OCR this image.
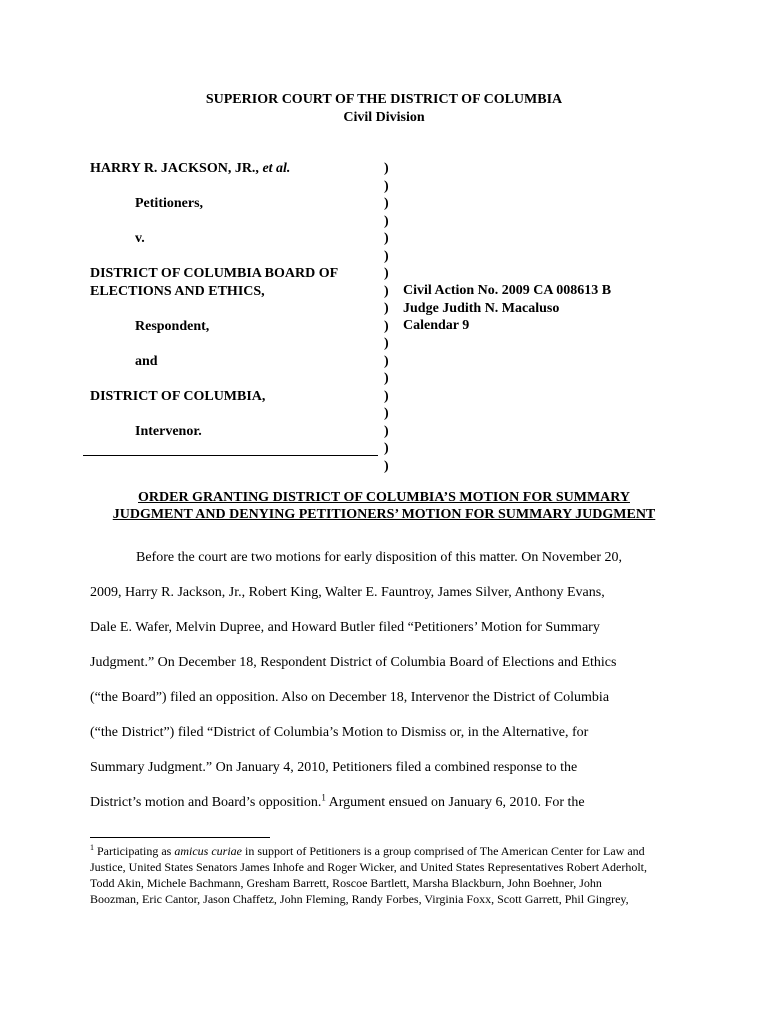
SUPERIOR COURT OF THE DISTRICT OF COLUMBIA
Civil Division
HARRY R. JACKSON, JR., et al.
Petitioners,
v.
DISTRICT OF COLUMBIA BOARD OF
ELECTIONS AND ETHICS,
Respondent,
and
DISTRICT OF COLUMBIA,
Intervenor.
)
)
)
)
)
)
)
)
)
)
)
)
)
)
)
)
)
)
Civil Action No. 2009 CA 008613 B
Judge Judith N. Macaluso
Calendar 9
ORDER GRANTING DISTRICT OF COLUMBIA’S MOTION FOR SUMMARY
JUDGMENT AND DENYING PETITIONERS’ MOTION FOR SUMMARY JUDGMENT
Before the court are two motions for early disposition of this matter. On November 20,
2009, Harry R. Jackson, Jr., Robert King, Walter E. Fauntroy, James Silver, Anthony Evans,
Dale E. Wafer, Melvin Dupree, and Howard Butler filed “Petitioners’ Motion for Summary
Judgment.” On December 18, Respondent District of Columbia Board of Elections and Ethics
(“the Board”) filed an opposition. Also on December 18, Intervenor the District of Columbia
(“the District”) filed “District of Columbia’s Motion to Dismiss or, in the Alternative, for
Summary Judgment.” On January 4, 2010, Petitioners filed a combined response to the
District’s motion and Board’s opposition.$^1$ Argument ensued on January 6, 2010. For the
$^1$ Participating as amicus curiae in support of Petitioners is a group comprised of The American Center for Law and
Justice, United States Senators James Inhofe and Roger Wicker, and United States Representatives Robert Aderholt,
Todd Akin, Michele Bachmann, Gresham Barrett, Roscoe Bartlett, Marsha Blackburn, John Boehner, John
Boozman, Eric Cantor, Jason Chaffetz, John Fleming, Randy Forbes, Virginia Foxx, Scott Garrett, Phil Gingrey,
